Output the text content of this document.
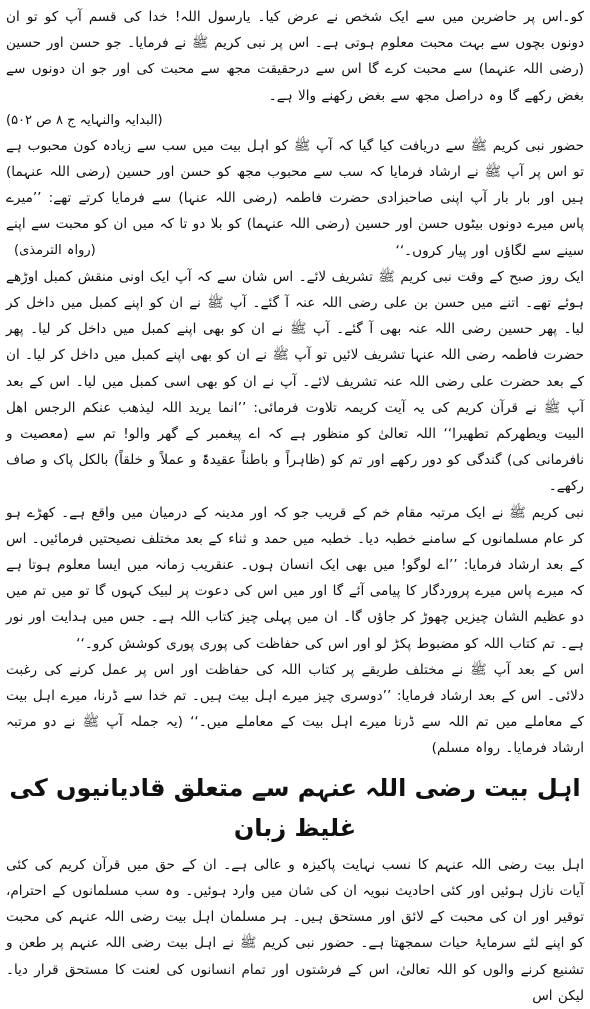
کو۔اس پر حاضرین میں سے ایک شخص نے عرض کیا۔ یارسول اللہ! خدا کی قسم آپ کو تو ان دونوں بچوں سے بہت محبت معلوم ہوتی ہے۔ اس پر نبی کریم ﷺ نے فرمایا۔ جو حسن اور حسین (رضی اللہ عنہما) سے محبت کرے گا اس سے درحقیقت مجھ سے محبت کی اور جو ان دونوں سے بغض رکھے گا وہ دراصل مجھ سے بغض رکھنے والا ہے۔

(البدایہ والنہایہ ج ۸ ص ۵۰۲)

حضور نبی کریم ﷺ سے دریافت کیا گیا کہ آپ ﷺ کو اہل بیت میں سب سے زیادہ کون محبوب ہے تو اس پر آپ ﷺ نے ارشاد فرمایا کہ سب سے محبوب مجھ کو حسن اور حسین (رضی اللہ عنہما) ہیں اور بار بار آپ اپنی صاحبزادی حضرت فاطمہ (رضی اللہ عنہا) سے فرمایا کرتے تھے: ’’میرے پاس میرے دونوں بیٹوں حسن اور حسین (رضی اللہ عنہما) کو بلا دو تا کہ میں ان کو محبت سے اپنے سینے سے لگاؤں اور پیار کروں۔‘‘
(رواہ الترمذی)

ایک روز صبح کے وقت نبی کریم ﷺ تشریف لائے۔ اس شان سے کہ آپ ایک اونی منقش کمبل اوڑھے ہوئے تھے۔ اتنے میں حسن بن علی رضی اللہ عنہ آ گئے۔ آپ ﷺ نے ان کو اپنے کمبل میں داخل کر لیا۔ پھر حسین رضی اللہ عنہ بھی آ گئے۔ آپ ﷺ نے ان کو بھی اپنے کمبل میں داخل کر لیا۔ پھر حضرت فاطمہ رضی اللہ عنہا تشریف لائیں تو آپ ﷺ نے ان کو بھی اپنے کمبل میں داخل کر لیا۔ ان کے بعد حضرت علی رضی اللہ عنہ تشریف لائے۔ آپ نے ان کو بھی اسی کمبل میں لیا۔ اس کے بعد آپ ﷺ نے قرآن کریم کی یہ آیت کریمہ تلاوت فرمائی: ’’انما یرید اللہ لیذھب عنکم الرجس اھل البیت ویطھرکم تطھیرا‘‘ اللہ تعالیٰ کو منظور ہے کہ اے پیغمبر کے گھر والو! تم سے (معصیت و نافرمانی کی) گندگی کو دور رکھے اور تم کو (ظاہراً و باطناً عقیدۃً و عملاً و خلقاً) بالکل پاک و صاف رکھے۔

نبی کریم ﷺ نے ایک مرتبہ مقام خم کے قریب جو کہ اور مدینہ کے درمیان میں واقع ہے۔ کھڑے ہو کر عام مسلمانوں کے سامنے خطبہ دیا۔ خطبہ میں حمد و ثناء کے بعد مختلف نصیحتیں فرمائیں۔ اس کے بعد ارشاد فرمایا: ’’اے لوگو! میں بھی ایک انسان ہوں۔ عنقریب زمانہ میں ایسا معلوم ہوتا ہے کہ میرے پاس میرے پروردگار کا پیامی آئے گا اور میں اس کی دعوت پر لبیک کہوں گا تو میں تم میں دو عظیم الشان چیزیں چھوڑ کر جاؤں گا۔ ان میں پہلی چیز کتاب اللہ ہے۔ جس میں ہدایت اور نور ہے۔ تم کتاب اللہ کو مضبوط پکڑ لو اور اس کی حفاظت کی پوری پوری کوشش کرو۔‘‘

اس کے بعد آپ ﷺ نے مختلف طریقے پر کتاب اللہ کی حفاظت اور اس پر عمل کرنے کی رغبت دلائی۔ اس کے بعد ارشاد فرمایا: ’’دوسری چیز میرے اہل بیت ہیں۔ تم خدا سے ڈرنا، میرے اہل بیت کے معاملے میں تم اللہ سے ڈرنا میرے اہل بیت کے معاملے میں۔‘‘ (یہ جملہ آپ ﷺ نے دو مرتبہ ارشاد فرمایا۔ رواہ مسلم)

اہل بیت رضی اللہ عنہم سے متعلق قادیانیوں کی غلیظ زبان

اہل بیت رضی اللہ عنہم کا نسب نہایت پاکیزہ و عالی ہے۔ ان کے حق میں قرآن کریم کی کئی آیات نازل ہوئیں اور کئی احادیث نبویہ ان کی شان میں وارد ہوئیں۔ وہ سب مسلمانوں کے احترام، توقیر اور ان کی محبت کے لائق اور مستحق ہیں۔ ہر مسلمان اہل بیت رضی اللہ عنہم کی محبت کو اپنے لئے سرمایۂ حیات سمجھتا ہے۔ حضور نبی کریم ﷺ نے اہل بیت رضی اللہ عنہم پر طعن و تشنیع کرنے والوں کو اللہ تعالیٰ، اس کے فرشتوں اور تمام انسانوں کی لعنت کا مستحق قرار دیا۔ لیکن اس
